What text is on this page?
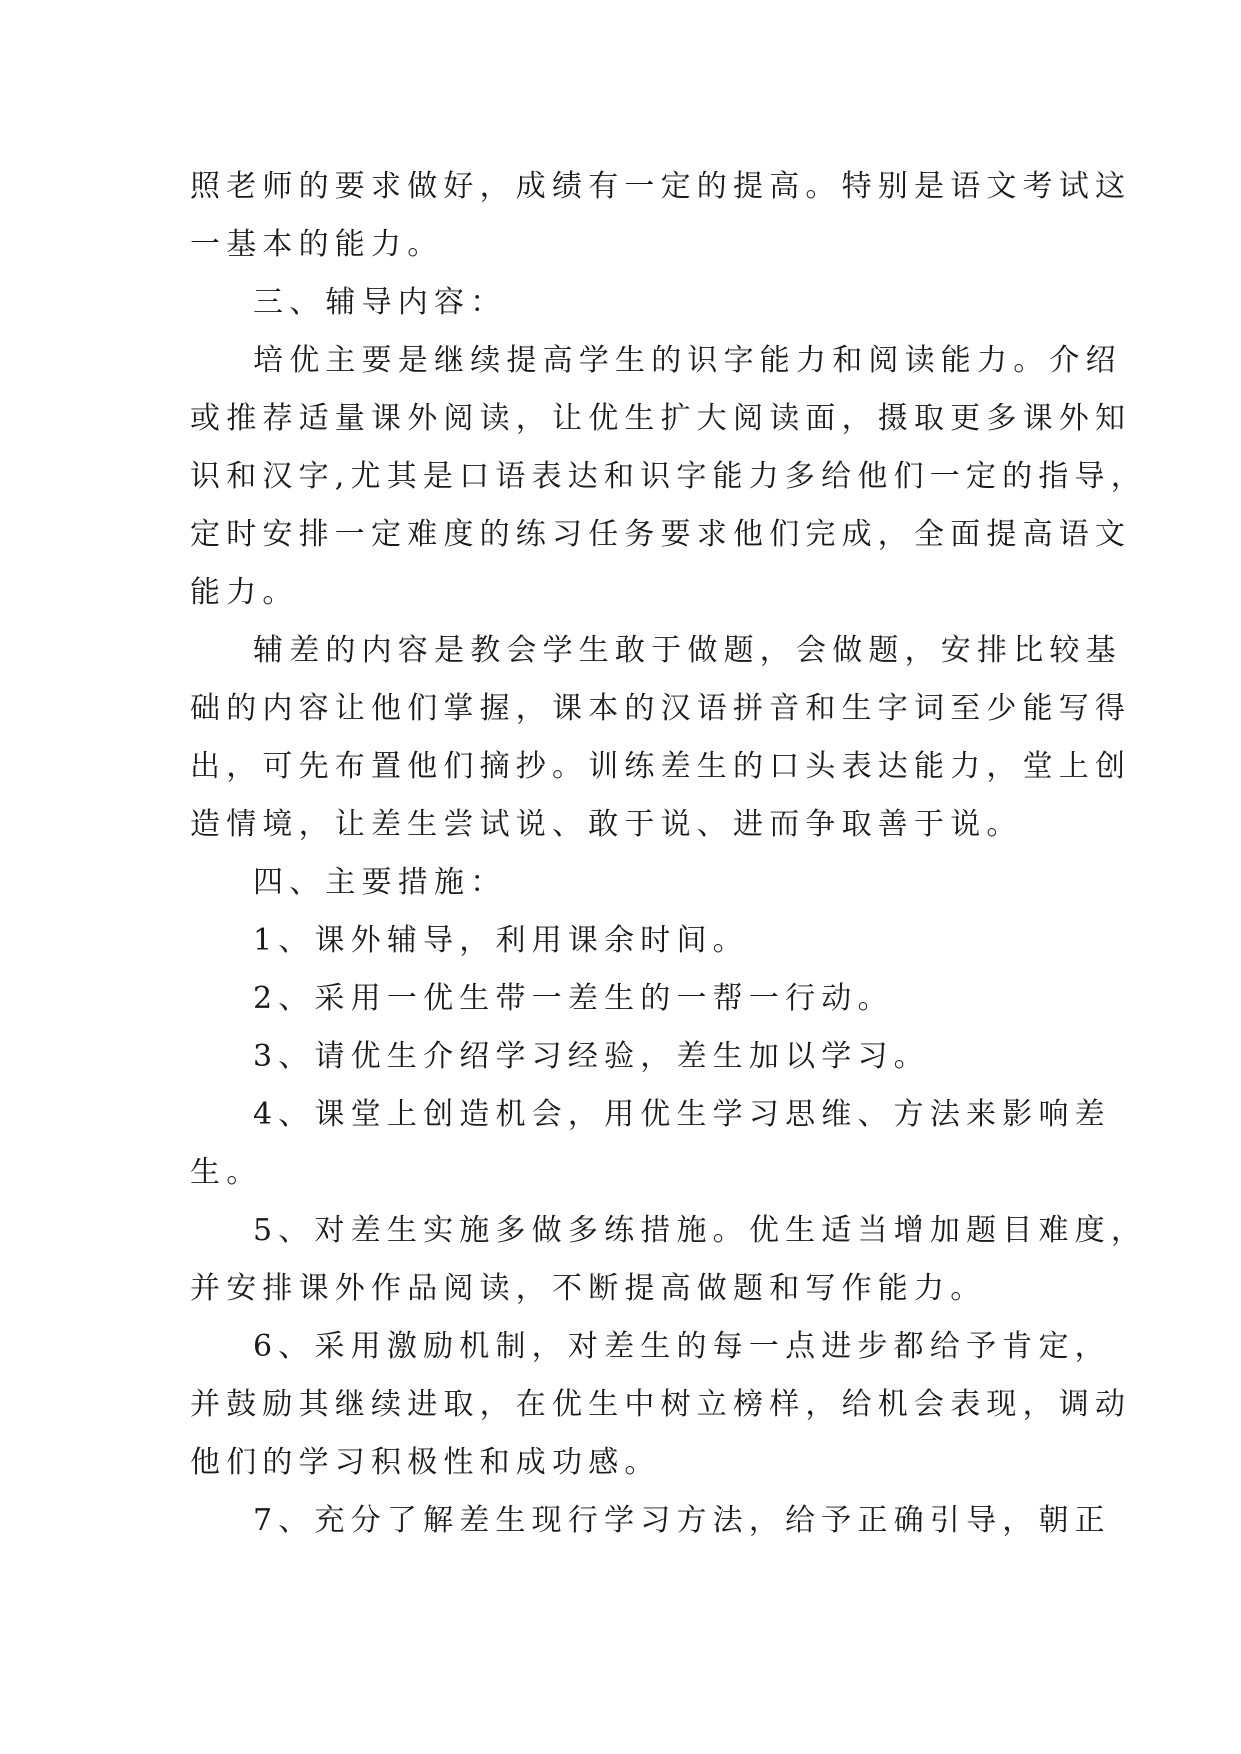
照老师的要求做好，成绩有一定的提高。特别是语文考试这
一基本的能力。
三、辅导内容：
培优主要是继续提高学生的识字能力和阅读能力。介绍
或推荐适量课外阅读，让优生扩大阅读面，摄取更多课外知
识和汉字,尤其是口语表达和识字能力多给他们一定的指导，
定时安排一定难度的练习任务要求他们完成，全面提高语文
能力。
辅差的内容是教会学生敢于做题，会做题，安排比较基
础的内容让他们掌握，课本的汉语拼音和生字词至少能写得
出，可先布置他们摘抄。训练差生的口头表达能力，堂上创
造情境，让差生尝试说、敢于说、进而争取善于说。
四、主要措施：
1、课外辅导，利用课余时间。
2、采用一优生带一差生的一帮一行动。
3、请优生介绍学习经验，差生加以学习。
4、课堂上创造机会，用优生学习思维、方法来影响差
生。
5、对差生实施多做多练措施。优生适当增加题目难度，
并安排课外作品阅读，不断提高做题和写作能力。
6、采用激励机制，对差生的每一点进步都给予肯定，
并鼓励其继续进取，在优生中树立榜样，给机会表现，调动
他们的学习积极性和成功感。
7、充分了解差生现行学习方法，给予正确引导，朝正
